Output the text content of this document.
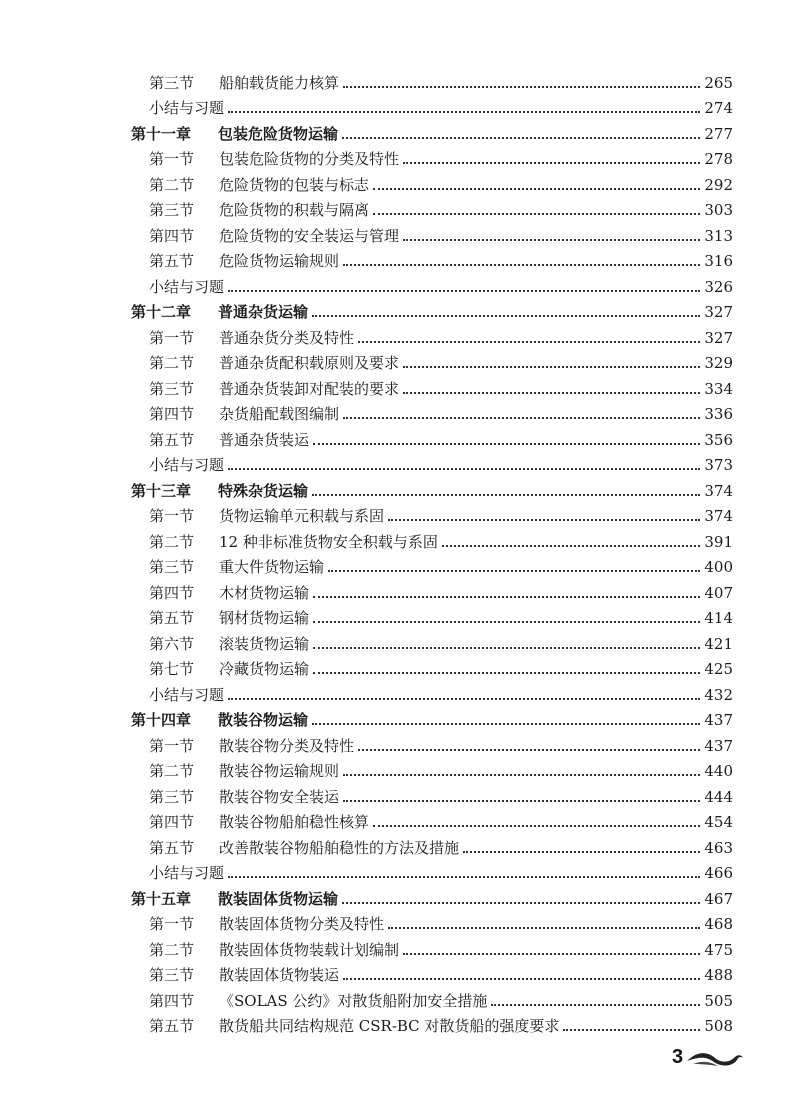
第三节	船舶载货能力核算	265
小结与习题	274
第十一章	包装危险货物运输	277
第一节	包装危险货物的分类及特性	278
第二节	危险货物的包装与标志	292
第三节	危险货物的积载与隔离	303
第四节	危险货物的安全装运与管理	313
第五节	危险货物运输规则	316
小结与习题	326
第十二章	普通杂货运输	327
第一节	普通杂货分类及特性	327
第二节	普通杂货配积载原则及要求	329
第三节	普通杂货装卸对配装的要求	334
第四节	杂货船配载图编制	336
第五节	普通杂货装运	356
小结与习题	373
第十三章	特殊杂货运输	374
第一节	货物运输单元积载与系固	374
第二节	12 种非标准货物安全积载与系固	391
第三节	重大件货物运输	400
第四节	木材货物运输	407
第五节	钢材货物运输	414
第六节	滚装货物运输	421
第七节	冷藏货物运输	425
小结与习题	432
第十四章	散装谷物运输	437
第一节	散装谷物分类及特性	437
第二节	散装谷物运输规则	440
第三节	散装谷物安全装运	444
第四节	散装谷物船舶稳性核算	454
第五节	改善散装谷物船舶稳性的方法及措施	463
小结与习题	466
第十五章	散装固体货物运输	467
第一节	散装固体货物分类及特性	468
第二节	散装固体货物装载计划编制	475
第三节	散装固体货物装运	488
第四节	《SOLAS 公约》对散货船附加安全措施	505
第五节	散货船共同结构规范 CSR-BC 对散货船的强度要求	508
3
